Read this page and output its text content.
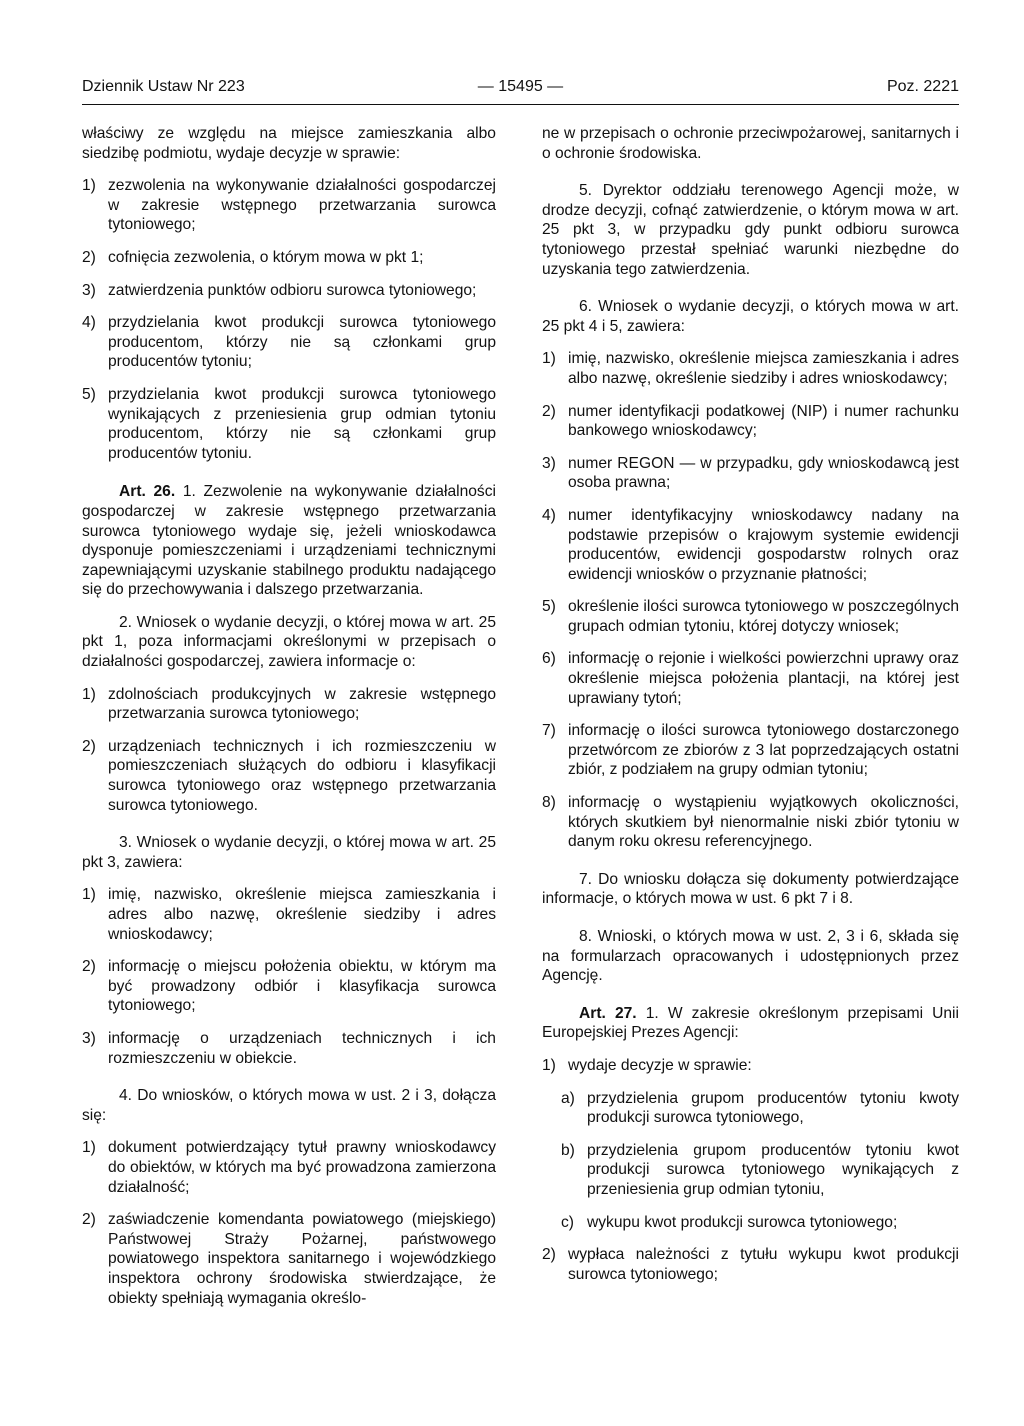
Dziennik Ustaw Nr 223	— 15495 —	Poz. 2221

właściwy ze względu na miejsce zamieszkania albo siedzibę podmiotu, wydaje decyzje w sprawie:

1) zezwolenia na wykonywanie działalności gospodarczej w zakresie wstępnego przetwarzania surowca tytoniowego;
2) cofnięcia zezwolenia, o którym mowa w pkt 1;
3) zatwierdzenia punktów odbioru surowca tytoniowego;
4) przydzielania kwot produkcji surowca tytoniowego producentom, którzy nie są członkami grup producentów tytoniu;
5) przydzielania kwot produkcji surowca tytoniowego wynikających z przeniesienia grup odmian tytoniu producentom, którzy nie są członkami grup producentów tytoniu.

Art. 26. 1. Zezwolenie na wykonywanie działalności gospodarczej w zakresie wstępnego przetwarzania surowca tytoniowego wydaje się, jeżeli wnioskodawca dysponuje pomieszczeniami i urządzeniami technicznymi zapewniającymi uzyskanie stabilnego produktu nadającego się do przechowywania i dalszego przetwarzania.

2. Wniosek o wydanie decyzji, o której mowa w art. 25 pkt 1, poza informacjami określonymi w przepisach o działalności gospodarczej, zawiera informacje o:

1) zdolnościach produkcyjnych w zakresie wstępnego przetwarzania surowca tytoniowego;
2) urządzeniach technicznych i ich rozmieszczeniu w pomieszczeniach służących do odbioru i klasyfikacji surowca tytoniowego oraz wstępnego przetwarzania surowca tytoniowego.

3. Wniosek o wydanie decyzji, o której mowa w art. 25 pkt 3, zawiera:

1) imię, nazwisko, określenie miejsca zamieszkania i adres albo nazwę, określenie siedziby i adres wnioskodawcy;
2) informację o miejscu położenia obiektu, w którym ma być prowadzony odbiór i klasyfikacja surowca tytoniowego;
3) informację o urządzeniach technicznych i ich rozmieszczeniu w obiekcie.

4. Do wniosków, o których mowa w ust. 2 i 3, dołącza się:

1) dokument potwierdzający tytuł prawny wnioskodawcy do obiektów, w których ma być prowadzona zamierzona działalność;
2) zaświadczenie komendanta powiatowego (miejskiego) Państwowej Straży Pożarnej, państwowego powiatowego inspektora sanitarnego i wojewódzkiego inspektora ochrony środowiska stwierdzające, że obiekty spełniają wymagania określo-

ne w przepisach o ochronie przeciwpożarowej, sanitarnych i o ochronie środowiska.

5. Dyrektor oddziału terenowego Agencji może, w drodze decyzji, cofnąć zatwierdzenie, o którym mowa w art. 25 pkt 3, w przypadku gdy punkt odbioru surowca tytoniowego przestał spełniać warunki niezbędne do uzyskania tego zatwierdzenia.

6. Wniosek o wydanie decyzji, o których mowa w art. 25 pkt 4 i 5, zawiera:

1) imię, nazwisko, określenie miejsca zamieszkania i adres albo nazwę, określenie siedziby i adres wnioskodawcy;
2) numer identyfikacji podatkowej (NIP) i numer rachunku bankowego wnioskodawcy;
3) numer REGON — w przypadku, gdy wnioskodawcą jest osoba prawna;
4) numer identyfikacyjny wnioskodawcy nadany na podstawie przepisów o krajowym systemie ewidencji producentów, ewidencji gospodarstw rolnych oraz ewidencji wniosków o przyznanie płatności;
5) określenie ilości surowca tytoniowego w poszczególnych grupach odmian tytoniu, której dotyczy wniosek;
6) informację o rejonie i wielkości powierzchni uprawy oraz określenie miejsca położenia plantacji, na której jest uprawiany tytoń;
7) informację o ilości surowca tytoniowego dostarczonego przetwórcom ze zbiorów z 3 lat poprzedzających ostatni zbiór, z podziałem na grupy odmian tytoniu;
8) informację o wystąpieniu wyjątkowych okoliczności, których skutkiem był nienormalnie niski zbiór tytoniu w danym roku okresu referencyjnego.

7. Do wniosku dołącza się dokumenty potwierdzające informacje, o których mowa w ust. 6 pkt 7 i 8.

8. Wnioski, o których mowa w ust. 2, 3 i 6, składa się na formularzach opracowanych i udostępnionych przez Agencję.

Art. 27. 1. W zakresie określonym przepisami Unii Europejskiej Prezes Agencji:

1) wydaje decyzje w sprawie:
a) przydzielenia grupom producentów tytoniu kwoty produkcji surowca tytoniowego,
b) przydzielenia grupom producentów tytoniu kwot produkcji surowca tytoniowego wynikających z przeniesienia grup odmian tytoniu,
c) wykupu kwot produkcji surowca tytoniowego;
2) wypłaca należności z tytułu wykupu kwot produkcji surowca tytoniowego;
